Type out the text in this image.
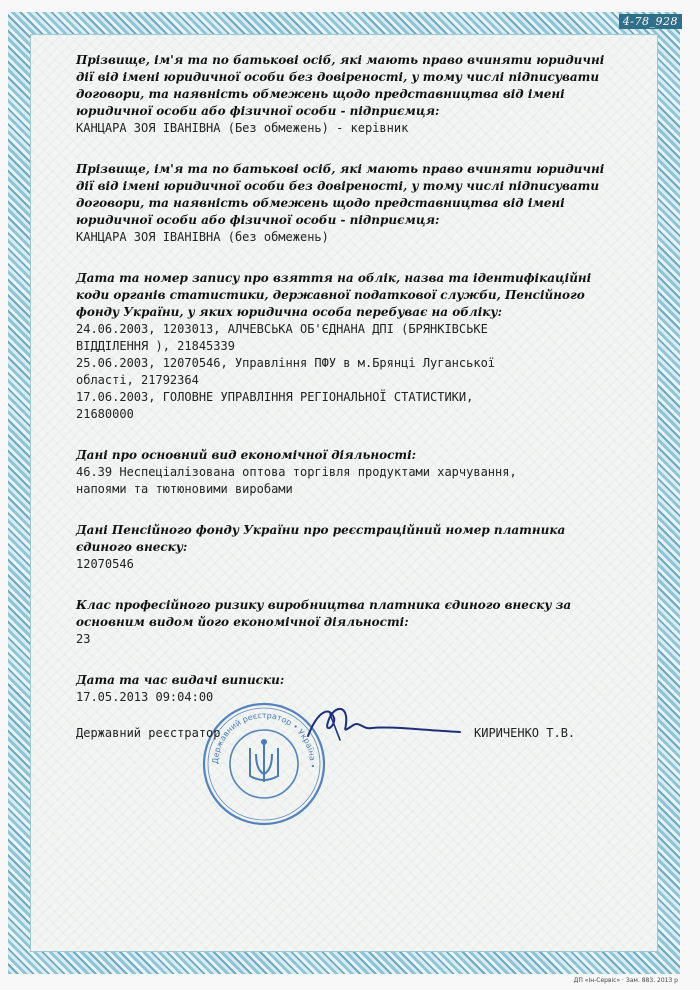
4-78_928
Прізвище, ім'я та по батькові осіб, які мають право вчиняти юридичні дії від імені юридичної особи без довіреності, у тому числі підписувати договори, та наявність обмежень щодо представництва від імені юридичної особи або фізичної особи - підприємця:
КАНЦАРА ЗОЯ ІВАНІВНА (Без обмежень) - керівник
Прізвище, ім'я та по батькові осіб, які мають право вчиняти юридичні дії від імені юридичної особи без довіреності, у тому числі підписувати договори, та наявність обмежень щодо представництва від імені юридичної особи або фізичної особи - підприємця:
КАНЦАРА ЗОЯ ІВАНІВНА (без обмежень)
Дата та номер запису про взяття на облік, назва та ідентифікаційні коди органів статистики, державної податкової служби, Пенсійного фонду України, у яких юридична особа перебуває на обліку:
24.06.2003, 1203013, АЛЧЕВСЬКА ОБ'ЄДНАНА ДПІ (БРЯНКІВСЬКЕ
ВІДДІЛЕННЯ ), 21845339
25.06.2003, 12070546, Управління ПФУ в м.Брянці Луганської
області, 21792364
17.06.2003, ГОЛОВНЕ УПРАВЛІННЯ РЕГІОНАЛЬНОЇ СТАТИСТИКИ,
21680000
Дані про основний вид економічної діяльності:
46.39 Неспеціалізована оптова торгівля продуктами харчування,
напоями та тютюновими виробами
Дані Пенсійного фонду України про реєстраційний номер платника єдиного внеску:
12070546
Клас професійного ризику виробництва платника єдиного внеску за основним видом його економічної діяльності:
23
Дата та час видачі виписки:
17.05.2013 09:04:00
Державний реєстратор • Україна •
Державний реєстратор	КИРИЧЕНКО Т.В.
ДП «Ін-Сервіс» · Зам. 883. 2013 р
